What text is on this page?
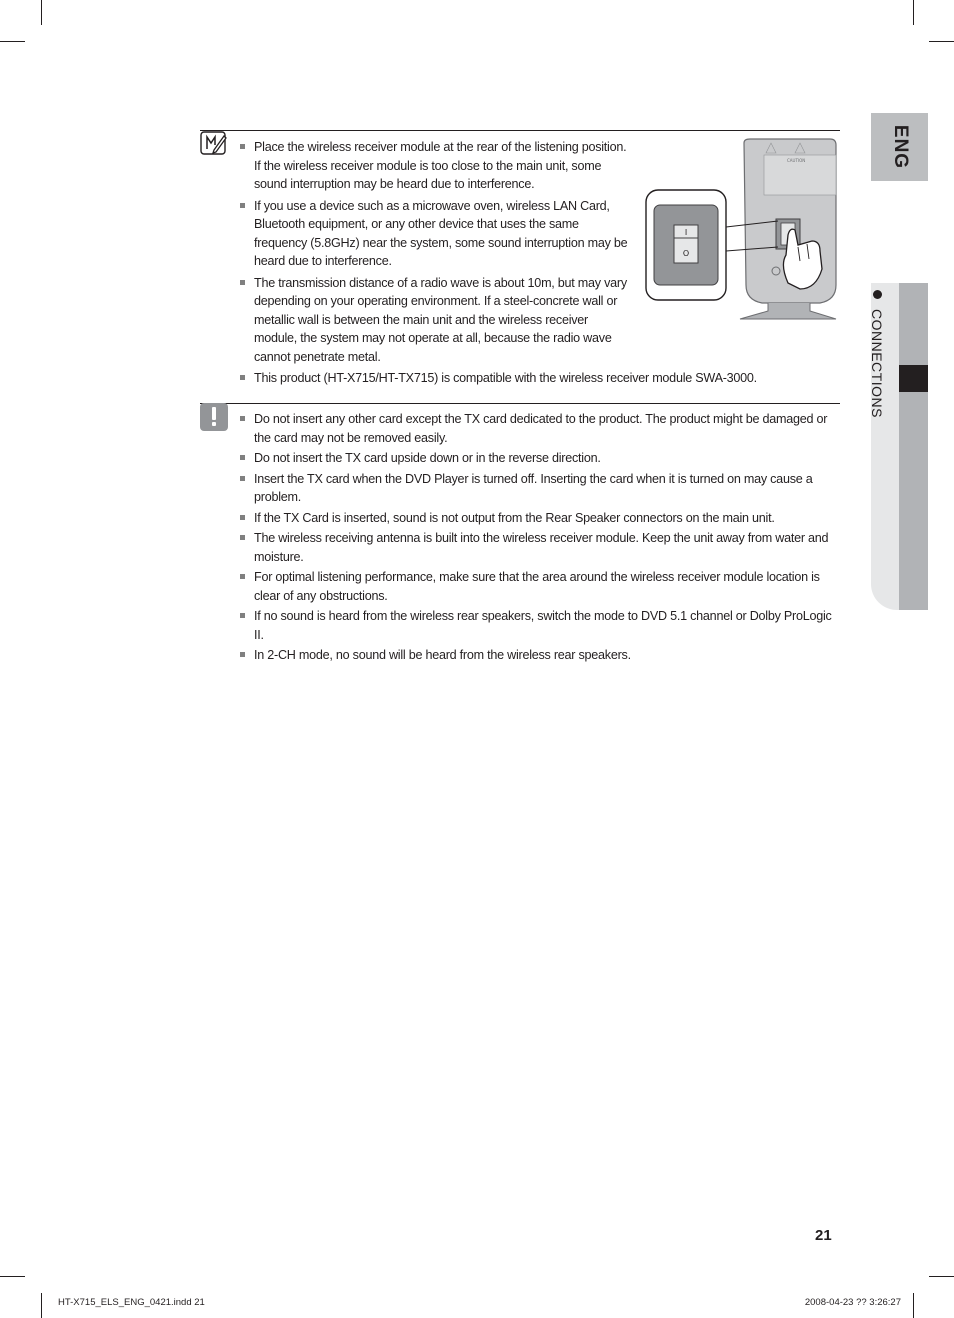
ENG
CONNECTIONS
Place the wireless receiver module at the rear of the listening position. If the wireless receiver module is too close to the main unit, some sound interruption may be heard due to interference.
If you use a device such as a microwave oven, wireless LAN Card, Bluetooth equipment, or any other device that uses the same frequency (5.8GHz) near the system, some sound interruption may be heard due to interference.
The transmission distance of a radio wave is about 10m, but may vary depending on your operating environment. If a steel-concrete wall or metallic wall is between the main unit and the wireless receiver module, the system may not operate at all, because the radio wave cannot penetrate metal.
This product (HT-X715/HT-TX715) is compatible with the wireless receiver module SWA-3000.
CAUTION
I
O
Do not insert any other card except the TX card dedicated to the product. The product might be damaged or the card may not be removed easily.
Do not insert the TX card upside down or in the reverse direction.
Insert the TX card when the DVD Player is turned off. Inserting the card when it is turned on may cause a problem.
If the TX Card is inserted, sound is not output from the Rear Speaker connectors on the main unit.
The wireless receiving antenna is built into the wireless receiver module. Keep the unit away from water and moisture.
For optimal listening performance, make sure that the area around the wireless receiver module location is clear of any obstructions.
If no sound is heard from the wireless rear speakers, switch the mode to DVD 5.1 channel or Dolby ProLogic II.
In 2-CH mode, no sound will be heard from the wireless rear speakers.
21
HT-X715_ELS_ENG_0421.indd 21	2008-04-23 ?? 3:26:27
